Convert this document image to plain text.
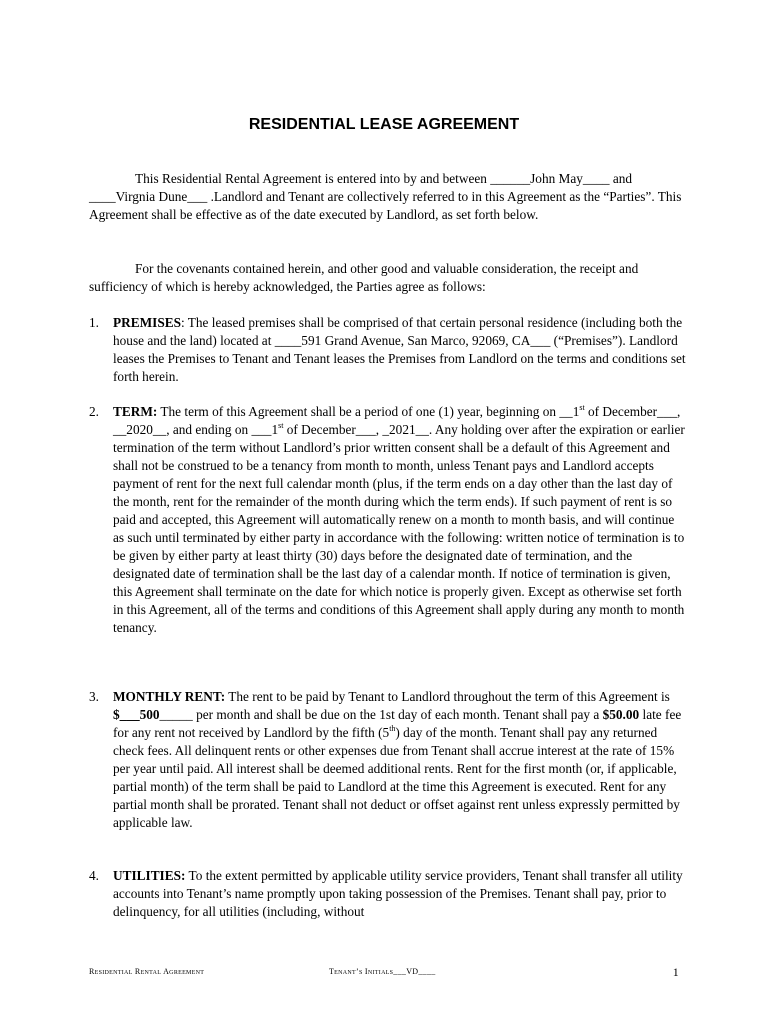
RESIDENTIAL LEASE AGREEMENT
This Residential Rental Agreement is entered into by and between ______John May____ and ____Virgnia Dune___ .Landlord and Tenant are collectively referred to in this Agreement as the “Parties”. This Agreement shall be effective as of the date executed by Landlord, as set forth below.
For the covenants contained herein, and other good and valuable consideration, the receipt and sufficiency of which is hereby acknowledged, the Parties agree as follows:
1.	PREMISES: The leased premises shall be comprised of that certain personal residence (including both the house and the land) located at ____591 Grand Avenue, San Marco, 92069, CA___ (“Premises”). Landlord leases the Premises to Tenant and Tenant leases the Premises from Landlord on the terms and conditions set forth herein.
2.	TERM: The term of this Agreement shall be a period of one (1) year, beginning on __1st of December___, __2020__, and ending on ___1st of December___, _2021__. Any holding over after the expiration or earlier termination of the term without Landlord’s prior written consent shall be a default of this Agreement and shall not be construed to be a tenancy from month to month, unless Tenant pays and Landlord accepts payment of rent for the next full calendar month (plus, if the term ends on a day other than the last day of the month, rent for the remainder of the month during which the term ends). If such payment of rent is so paid and accepted, this Agreement will automatically renew on a month to month basis, and will continue as such until terminated by either party in accordance with the following: written notice of termination is to be given by either party at least thirty (30) days before the designated date of termination, and the designated date of termination shall be the last day of a calendar month. If notice of termination is given, this Agreement shall terminate on the date for which notice is properly given. Except as otherwise set forth in this Agreement, all of the terms and conditions of this Agreement shall apply during any month to month tenancy.
3.	MONTHLY RENT: The rent to be paid by Tenant to Landlord throughout the term of this Agreement is $___500_____ per month and shall be due on the 1st day of each month. Tenant shall pay a $50.00 late fee for any rent not received by Landlord by the fifth (5th) day of the month. Tenant shall pay any returned check fees. All delinquent rents or other expenses due from Tenant shall accrue interest at the rate of 15% per year until paid. All interest shall be deemed additional rents. Rent for the first month (or, if applicable, partial month) of the term shall be paid to Landlord at the time this Agreement is executed. Rent for any partial month shall be prorated. Tenant shall not deduct or offset against rent unless expressly permitted by applicable law.
4.	UTILITIES: To the extent permitted by applicable utility service providers, Tenant shall transfer all utility accounts into Tenant’s name promptly upon taking possession of the Premises. Tenant shall pay, prior to delinquency, for all utilities (including, without
Residential Rental Agreement	Tenant’s Initials___VD____	1
